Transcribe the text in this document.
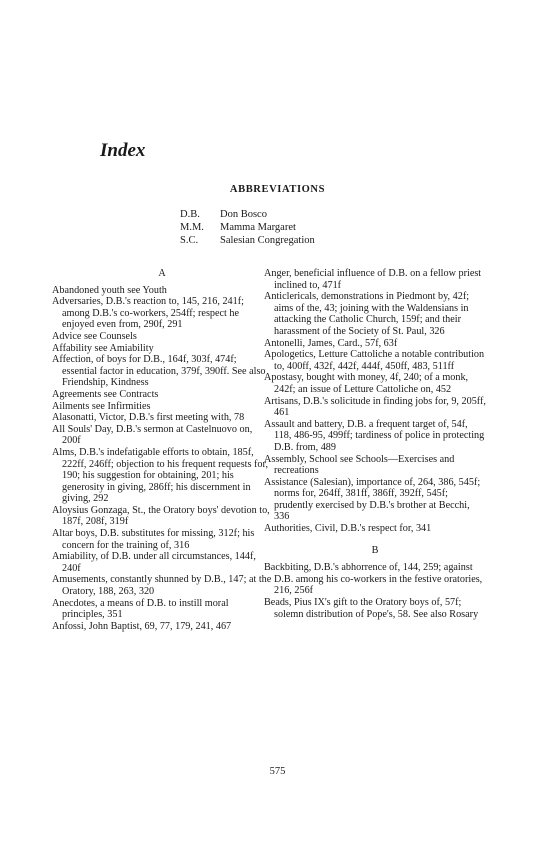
Index
ABBREVIATIONS
D.B.	Don Bosco
M.M.	Mamma Margaret
S.C.	Salesian Congregation

A

Abandoned youth see Youth

Adversaries, D.B.'s reaction to, 145, 216, 241f; among D.B.'s co-workers, 254ff; respect he enjoyed even from, 290f, 291

Advice see Counsels

Affability see Amiability

Affection, of boys for D.B., 164f, 303f, 474f; essential factor in education, 379f, 390ff. See also Friendship, Kindness

Agreements see Contracts

Ailments see Infirmities

Alasonatti, Victor, D.B.'s first meeting with, 78

All Souls' Day, D.B.'s sermon at Castelnuovo on, 200f

Alms, D.B.'s indefatigable efforts to obtain, 185f, 222ff, 246ff; objection to his frequent requests for, 190; his suggestion for obtaining, 201; his generosity in giving, 286ff; his discernment in giving, 292

Aloysius Gonzaga, St., the Oratory boys' devotion to, 187f, 208f, 319f

Altar boys, D.B. substitutes for missing, 312f; his concern for the training of, 316

Amiability, of D.B. under all circumstances, 144f, 240f

Amusements, constantly shunned by D.B., 147; at the Oratory, 188, 263, 320

Anecdotes, a means of D.B. to instill moral principles, 351

Anfossi, John Baptist, 69, 77, 179, 241, 467

Anger, beneficial influence of D.B. on a fellow priest inclined to, 471f

Anticlericals, demonstrations in Piedmont by, 42f; aims of the, 43; joining with the Waldensians in attacking the Catholic Church, 159f; and their harassment of the Society of St. Paul, 326

Antonelli, James, Card., 57f, 63f

Apologetics, Letture Cattoliche a notable contribution to, 400ff, 432f, 442f, 444f, 450ff, 483, 511ff

Apostasy, bought with money, 4f, 240; of a monk, 242f; an issue of Letture Cattoliche on, 452

Artisans, D.B.'s solicitude in finding jobs for, 9, 205ff, 461

Assault and battery, D.B. a frequent target of, 54f, 118, 486-95, 499ff; tardiness of police in protecting D.B. from, 489

Assembly, School see Schools—Exercises and recreations

Assistance (Salesian), importance of, 264, 386, 545f; norms for, 264ff, 381ff, 386ff, 392ff, 545f; prudently exercised by D.B.'s brother at Becchi, 336

Authorities, Civil, D.B.'s respect for, 341

B

Backbiting, D.B.'s abhorrence of, 144, 259; against D.B. among his co-workers in the festive oratories, 216, 256f

Beads, Pius IX's gift to the Oratory boys of, 57f; solemn distribution of Pope's, 58. See also Rosary

575
